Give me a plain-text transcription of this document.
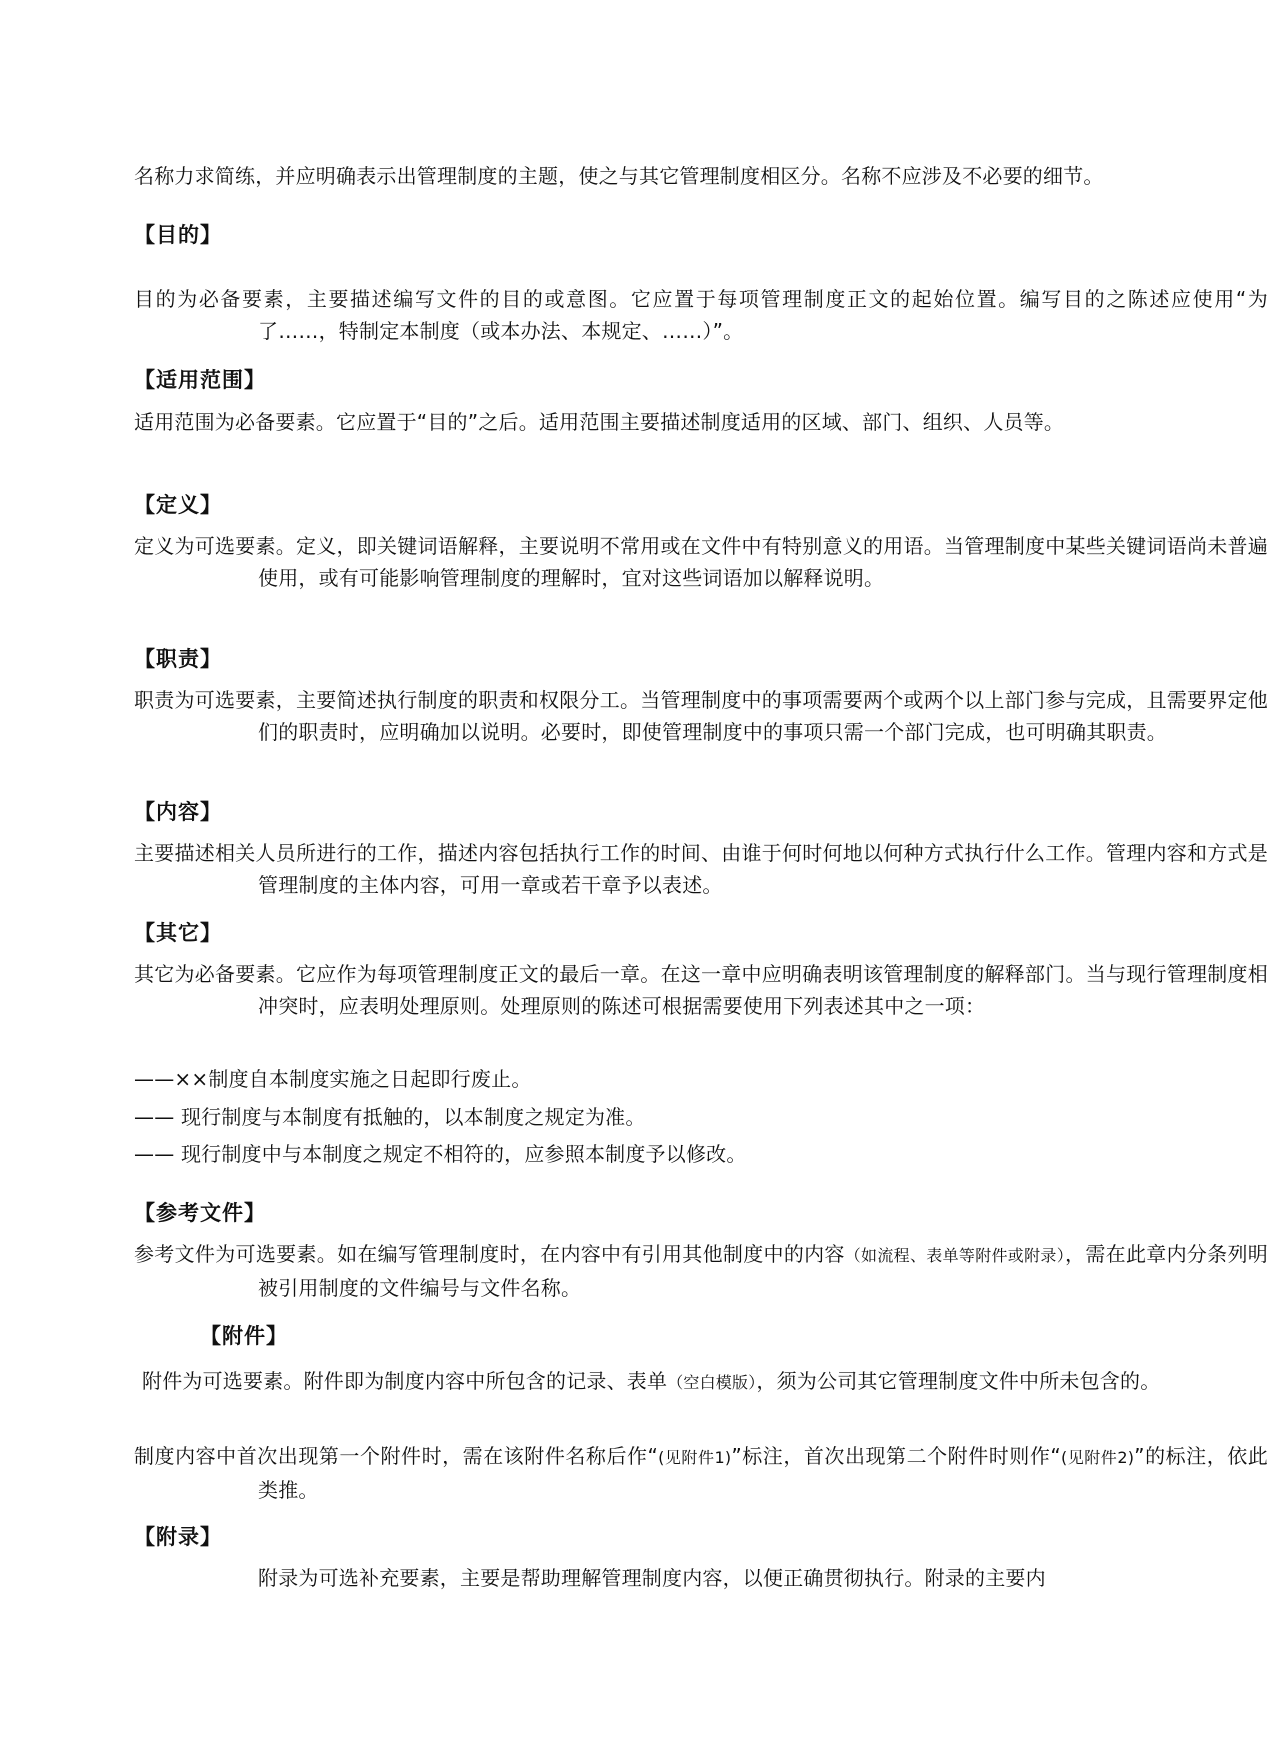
名称力求简练，并应明确表示出管理制度的主题，使之与其它管理制度相区分。名称不应涉及不必要的细节。
【目的】
目的为必备要素，主要描述编写文件的目的或意图。它应置于每项管理制度正文的起始位置。编写目的之陈述应使用“为了……，特制定本制度（或本办法、本规定、……）”。
【适用范围】
适用范围为必备要素。它应置于“目的”之后。适用范围主要描述制度适用的区域、部门、组织、人员等。
【定义】
定义为可选要素。定义，即关键词语解释，主要说明不常用或在文件中有特别意义的用语。当管理制度中某些关键词语尚未普遍使用，或有可能影响管理制度的理解时，宜对这些词语加以解释说明。
【职责】
职责为可选要素，主要简述执行制度的职责和权限分工。当管理制度中的事项需要两个或两个以上部门参与完成，且需要界定他们的职责时，应明确加以说明。必要时，即使管理制度中的事项只需一个部门完成，也可明确其职责。
【内容】
主要描述相关人员所进行的工作，描述内容包括执行工作的时间、由谁于何时何地以何种方式执行什么工作。管理内容和方式是管理制度的主体内容，可用一章或若干章予以表述。
【其它】
其它为必备要素。它应作为每项管理制度正文的最后一章。在这一章中应明确表明该管理制度的解释部门。当与现行管理制度相冲突时，应表明处理原则。处理原则的陈述可根据需要使用下列表述其中之一项：
——××制度自本制度实施之日起即行废止。
—— 现行制度与本制度有抵触的，以本制度之规定为准。
—— 现行制度中与本制度之规定不相符的，应参照本制度予以修改。
【参考文件】
参考文件为可选要素。如在编写管理制度时，在内容中有引用其他制度中的内容（如流程、表单等附件或附录），需在此章内分条列明被引用制度的文件编号与文件名称。
【附件】
附件为可选要素。附件即为制度内容中所包含的记录、表单（空白模版），须为公司其它管理制度文件中所未包含的。
制度内容中首次出现第一个附件时，需在该附件名称后作“(见附件1)”标注，首次出现第二个附件时则作“(见附件2)”的标注，依此类推。
【附录】
附录为可选补充要素，主要是帮助理解管理制度内容，以便正确贯彻执行。附录的主要内
